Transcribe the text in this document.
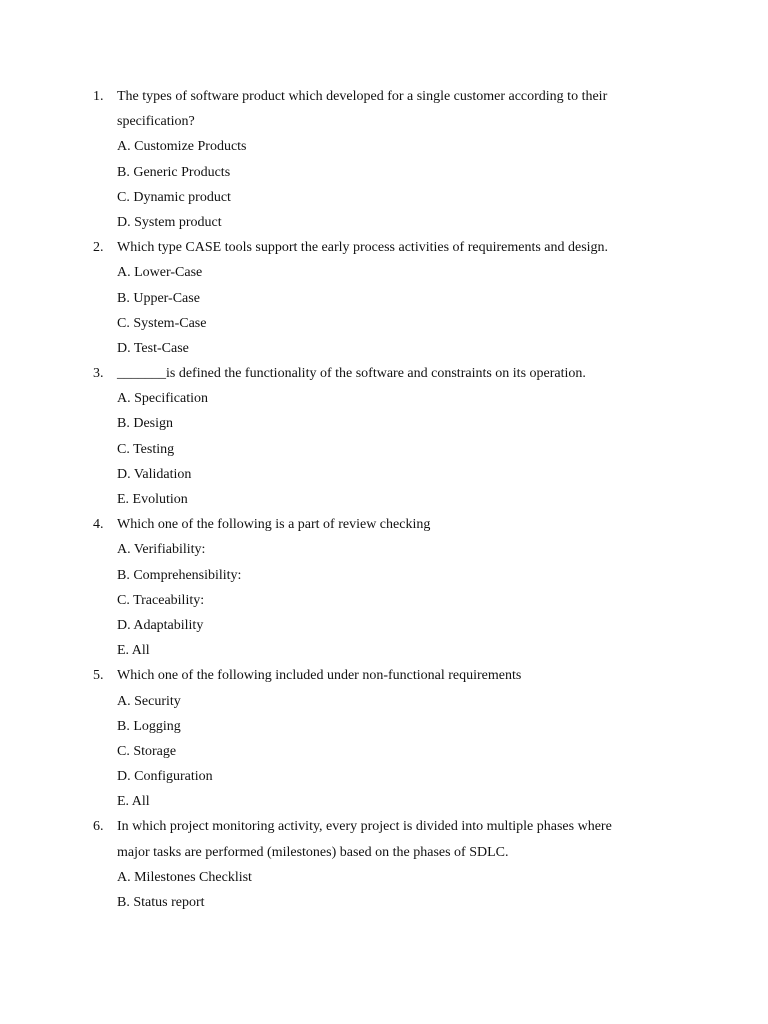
1. The types of software product which developed for a single customer according to their
specification?
A. Customize Products
B. Generic Products
C. Dynamic product
D. System product
2. Which type CASE tools support the early process activities of requirements and design.
A. Lower-Case
B. Upper-Case
C. System-Case
D. Test-Case
3. _______is defined the functionality of the software and constraints on its operation.
A. Specification
B. Design
C. Testing
D. Validation
E. Evolution
4. Which one of the following is a part of review checking
A. Verifiability:
B. Comprehensibility:
C. Traceability:
D. Adaptability
E. All
5. Which one of the following included under non-functional requirements
A. Security
B. Logging
C. Storage
D. Configuration
E. All
6. In which project monitoring activity, every project is divided into multiple phases where
major tasks are performed (milestones) based on the phases of SDLC.
A. Milestones Checklist
B. Status report
